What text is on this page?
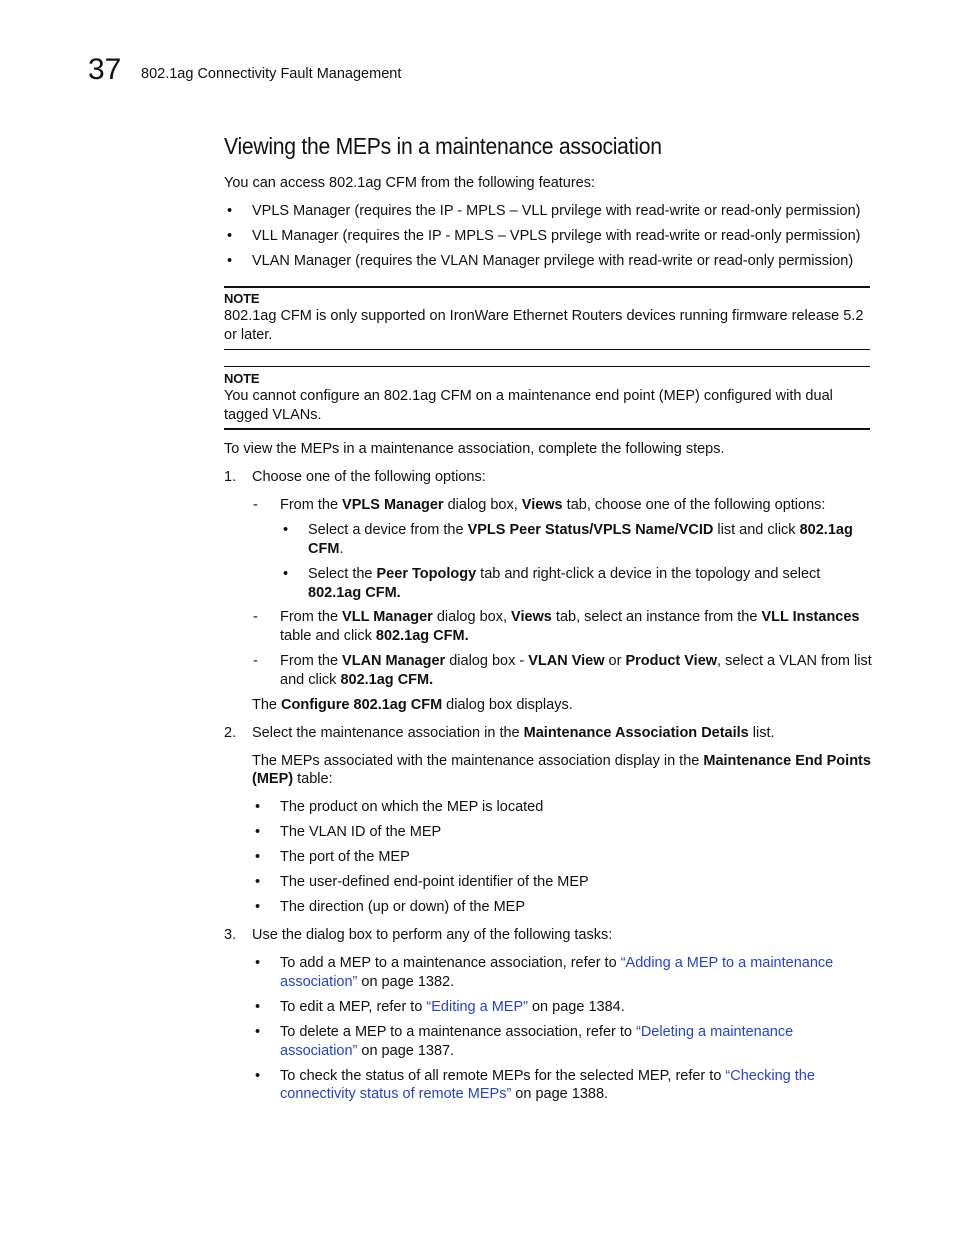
37 802.1ag Connectivity Fault Management
Viewing the MEPs in a maintenance association

You can access 802.1ag CFM from the following features:

• VPLS Manager (requires the IP - MPLS – VLL prvilege with read-write or read-only permission)

• VLL Manager (requires the IP - MPLS – VPLS prvilege with read-write or read-only permission)

• VLAN Manager (requires the VLAN Manager prvilege with read-write or read-only permission)

NOTE

802.1ag CFM is only supported on IronWare Ethernet Routers devices running firmware release 5.2

or later.

NOTE

You cannot configure an 802.1ag CFM on a maintenance end point (MEP) configured with dual

tagged VLANs.

To view the MEPs in a maintenance association, complete the following steps.

1. Choose one of the following options:

- From the VPLS Manager dialog box, Views tab, choose one of the following options:

• Select a device from the VPLS Peer Status/VPLS Name/VCID list and click 802.1ag

CFM.

• Select the Peer Topology tab and right-click a device in the topology and select

802.1ag CFM.

- From the VLL Manager dialog box, Views tab, select an instance from the VLL Instances

table and click 802.1ag CFM.

- From the VLAN Manager dialog box - VLAN View or Product View, select a VLAN from list

and click 802.1ag CFM.

The Configure 802.1ag CFM dialog box displays.

2. Select the maintenance association in the Maintenance Association Details list.

The MEPs associated with the maintenance association display in the Maintenance End Points

(MEP) table:

• The product on which the MEP is located

• The VLAN ID of the MEP

• The port of the MEP

• The user-defined end-point identifier of the MEP

• The direction (up or down) of the MEP

3. Use the dialog box to perform any of the following tasks:

• To add a MEP to a maintenance association, refer to “Adding a MEP to a maintenance

association” on page 1382.

• To edit a MEP, refer to “Editing a MEP” on page 1384.

• To delete a MEP to a maintenance association, refer to “Deleting a maintenance

association” on page 1387.

• To check the status of all remote MEPs for the selected MEP, refer to “Checking the

connectivity status of remote MEPs” on page 1388.
